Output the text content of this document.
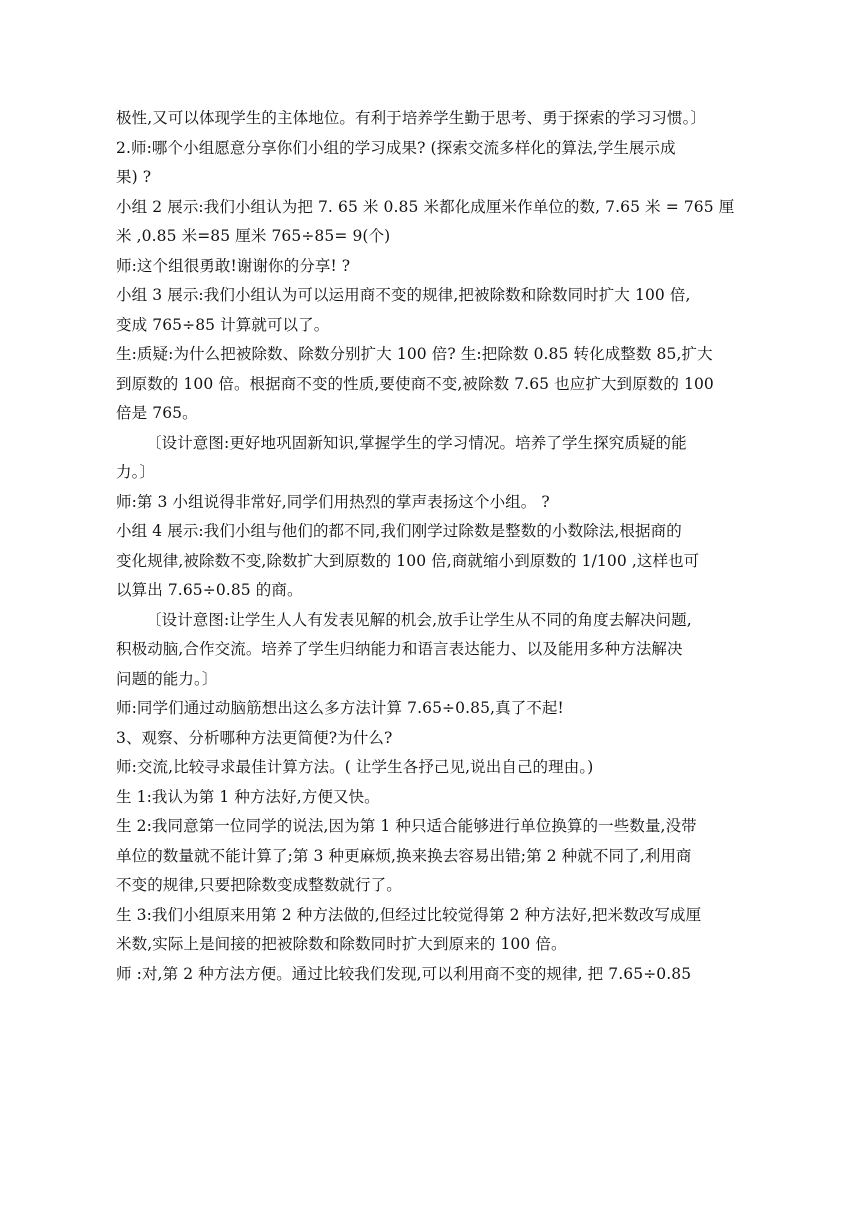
极性,又可以体现学生的主体地位。有利于培养学生勤于思考、勇于探索的学习习惯。〕
2.师:哪个小组愿意分享你们小组的学习成果? (探索交流多样化的算法,学生展示成
果) ?
小组 2 展示:我们小组认为把 7. 65 米 0.85 米都化成厘米作单位的数, 7.65 米 = 765 厘
米 ,0.85 米=85 厘米 765÷85= 9(个)
师:这个组很勇敢!谢谢你的分享! ?
小组 3 展示:我们小组认为可以运用商不变的规律,把被除数和除数同时扩大 100 倍,
变成 765÷85 计算就可以了。
生:质疑:为什么把被除数、除数分别扩大 100 倍? 生:把除数 0.85 转化成整数 85,扩大
到原数的 100 倍。根据商不变的性质,要使商不变,被除数 7.65 也应扩大到原数的 100
倍是 765。
〔设计意图:更好地巩固新知识,掌握学生的学习情况。培养了学生探究质疑的能
力。〕
师:第 3 小组说得非常好,同学们用热烈的掌声表扬这个小组。 ?
小组 4 展示:我们小组与他们的都不同,我们刚学过除数是整数的小数除法,根据商的
变化规律,被除数不变,除数扩大到原数的 100 倍,商就缩小到原数的 1/100 ,这样也可
以算出 7.65÷0.85 的商。
〔设计意图:让学生人人有发表见解的机会,放手让学生从不同的角度去解决问题,
积极动脑,合作交流。培养了学生归纳能力和语言表达能力、以及能用多种方法解决
问题的能力。〕
师:同学们通过动脑筋想出这么多方法计算 7.65÷0.85,真了不起!
3、观察、分析哪种方法更简便?为什么?
师:交流,比较寻求最佳计算方法。( 让学生各抒己见,说出自己的理由。)
生 1:我认为第 1 种方法好,方便又快。
生 2:我同意第一位同学的说法,因为第 1 种只适合能够进行单位换算的一些数量,没带
单位的数量就不能计算了;第 3 种更麻烦,换来换去容易出错;第 2 种就不同了,利用商
不变的规律,只要把除数变成整数就行了。
生 3:我们小组原来用第 2 种方法做的,但经过比较觉得第 2 种方法好,把米数改写成厘
米数,实际上是间接的把被除数和除数同时扩大到原来的 100 倍。
师 :对,第 2 种方法方便。通过比较我们发现,可以利用商不变的规律, 把 7.65÷0.85
